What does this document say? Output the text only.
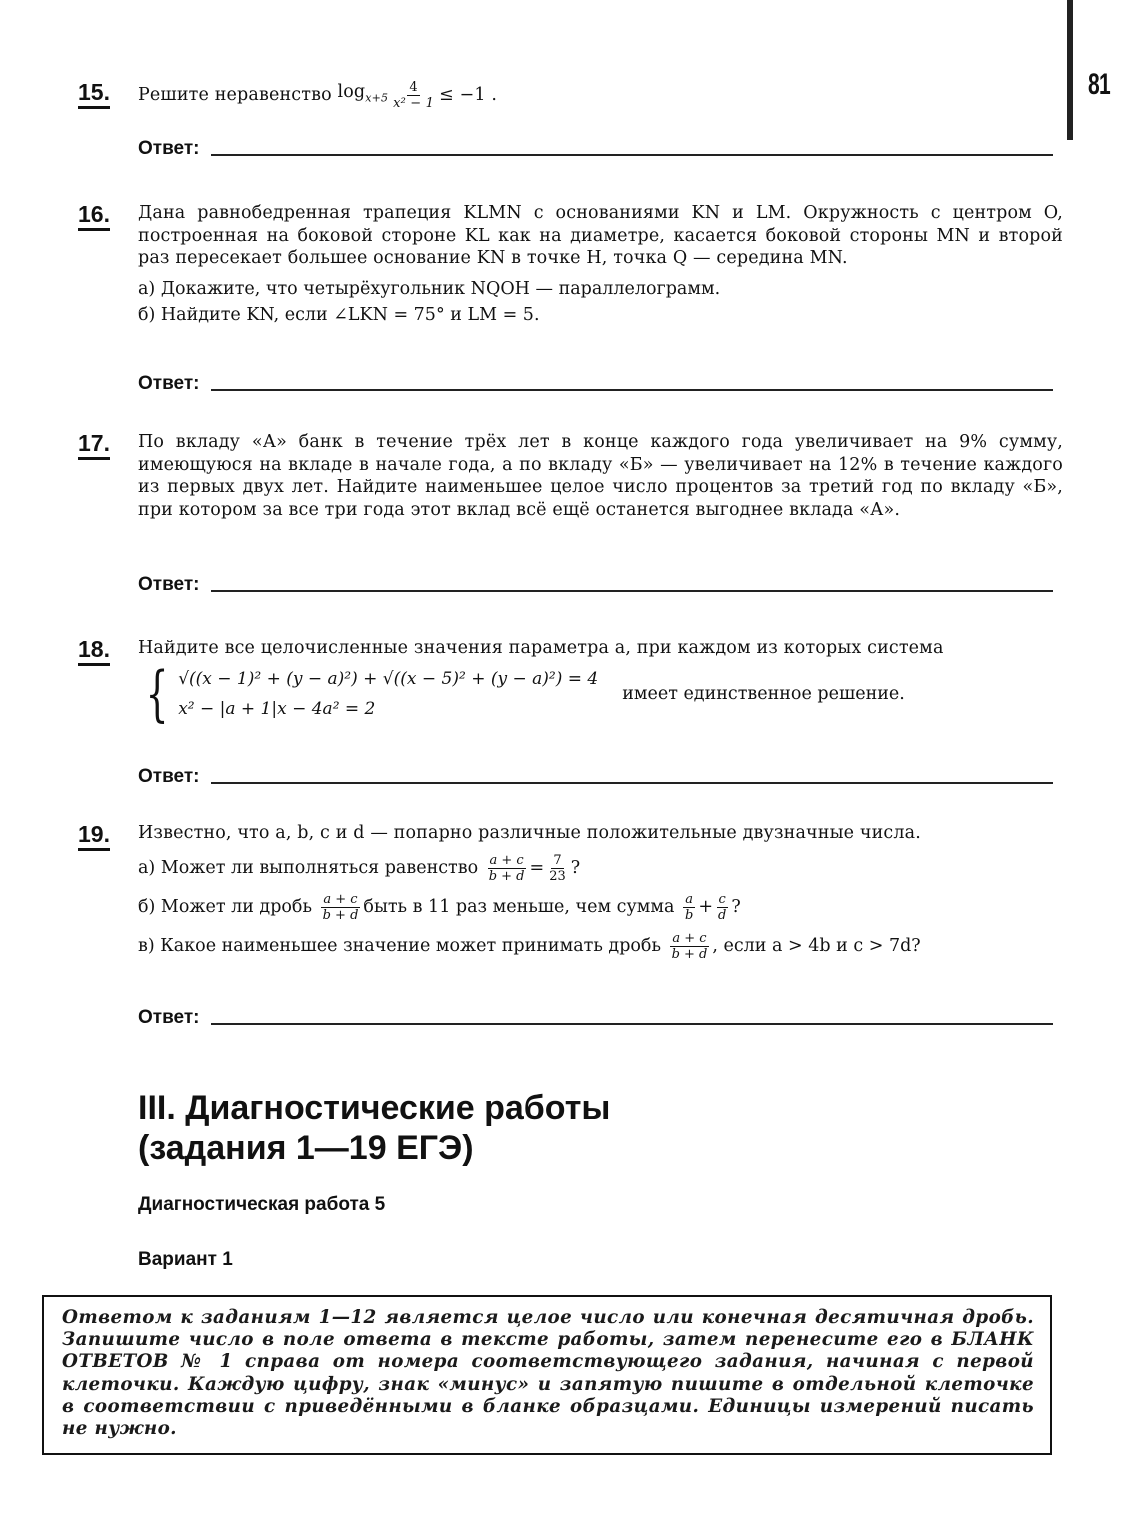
81
15. Решите неравенство
$\log_{x+5} \frac{4}{\text{x² − 1}} \le -1$ .
Ответ:
16. Дана равнобедренная трапеция KLMN с основаниями KN и LM. Окружность с центром O, построенная на боковой стороне KL как на диаметре, касается боковой стороны MN и второй раз пересекает большее основание KN в точке H, точка Q — середина MN.
а) Докажите, что четырёхугольник NQOH — параллелограмм.
б) Найдите KN, если ∠LKN = 75° и LM = 5.
Ответ:
17. По вкладу «А» банк в течение трёх лет в конце каждого года увеличивает на 9% сумму, имеющуюся на вкладе в начале года, а по вкладу «Б» — увеличивает на 12% в течение каждого из первых двух лет. Найдите наименьшее целое число процентов за третий год по вкладу «Б», при котором за все три года этот вклад всё ещё останется выгоднее вклада «А».
Ответ:
18. Найдите все целочисленные значения параметра a, при каждом из которых система
{ √((x − 1)² + (y − a)²) + √((x − 5)² + (y − a)²) = 4
x² − |a + 1|x − 4a² = 2
имеет единственное решение.
Ответ:
19. Известно, что a, b, c и d — попарно различные положительные двузначные числа.
а) Может ли выполняться равенство
$\frac{a + c}{b + d} = \frac{7}{23}$ ?
б) Может ли дробь
$\frac{a + c}{b + d}$ быть в 11 раз меньше, чем сумма
$\frac{a}{b} + \frac{c}{d}$ ?
в) Какое наименьшее значение может принимать дробь
$\frac{a + c}{b + d}$ , если a > 4b и c > 7d?
Ответ:
III. Диагностические работы
(задания 1—19 ЕГЭ)
Диагностическая работа 5
Вариант 1
Ответом к заданиям 1—12 является целое число или конечная десятичная дробь. Запишите число в поле ответа в тексте работы, затем перенесите его в БЛАНК ОТВЕТОВ № 1 справа от номера соответствующего задания, начиная с первой клеточки. Каждую цифру, знак «минус» и запятую пишите в отдельной клеточке в соответствии с приведёнными в бланке образцами. Единицы измерений писать не нужно.
